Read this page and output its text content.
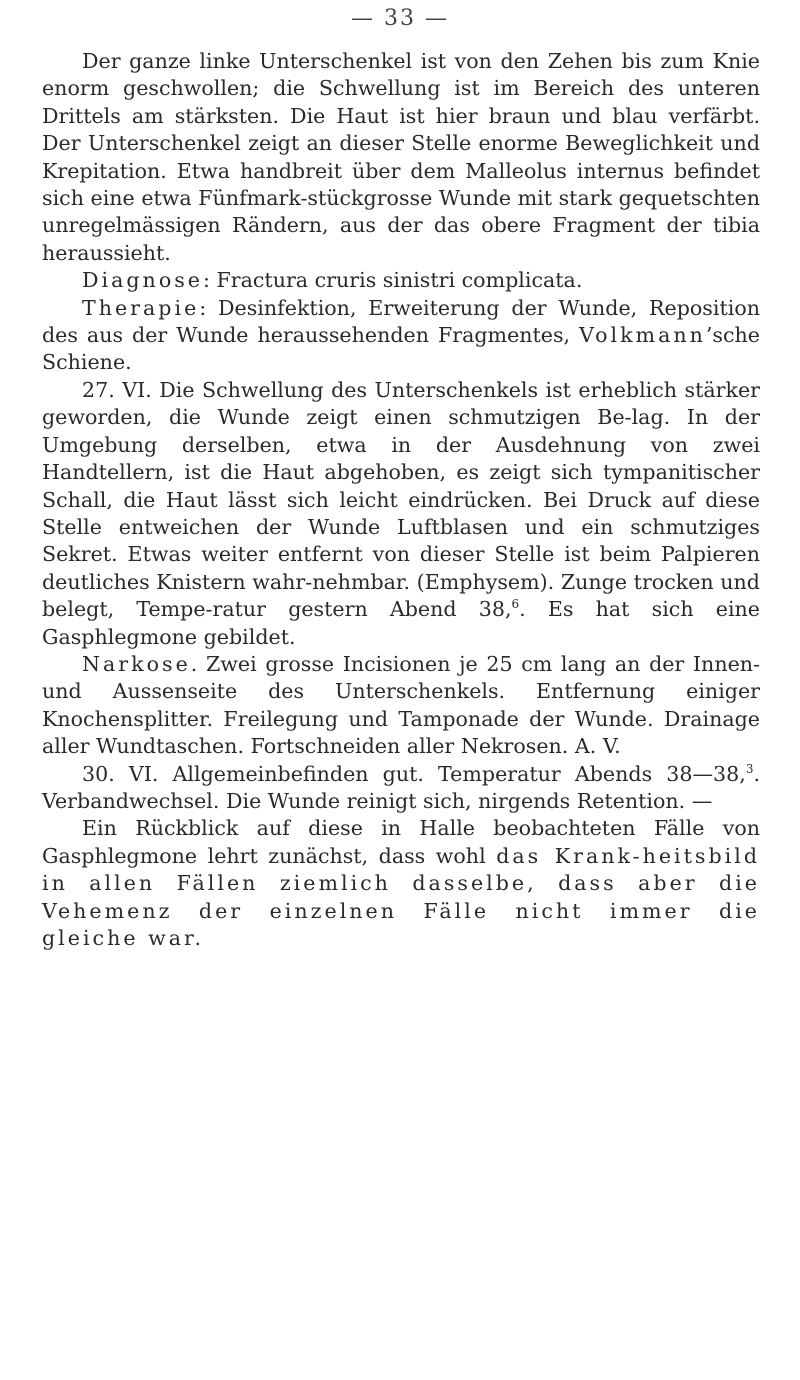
— 33 —

Der ganze linke Unterschenkel ist von den Zehen bis zum Knie enorm geschwollen; die Schwellung ist im Bereich des unteren Drittels am stärksten. Die Haut ist hier braun und blau verfärbt. Der Unterschenkel zeigt an dieser Stelle enorme Beweglichkeit und Krepitation. Etwa handbreit über dem Malleolus internus befindet sich eine etwa Fünfmark-stückgrosse Wunde mit stark gequetschten unregelmässigen Rändern, aus der das obere Fragment der tibia heraussieht.

Diagnose: Fractura cruris sinistri complicata.

Therapie: Desinfektion, Erweiterung der Wunde, Reposition des aus der Wunde heraussehenden Fragmentes, Volkmann’sche Schiene.

27. VI. Die Schwellung des Unterschenkels ist erheblich stärker geworden, die Wunde zeigt einen schmutzigen Be-lag. In der Umgebung derselben, etwa in der Ausdehnung von zwei Handtellern, ist die Haut abgehoben, es zeigt sich tympanitischer Schall, die Haut lässt sich leicht eindrücken. Bei Druck auf diese Stelle entweichen der Wunde Luftblasen und ein schmutziges Sekret. Etwas weiter entfernt von dieser Stelle ist beim Palpieren deutliches Knistern wahr-nehmbar. (Emphysem). Zunge trocken und belegt, Tempe-ratur gestern Abend 38,$^6$. Es hat sich eine Gasphlegmone gebildet.

Narkose. Zwei grosse Incisionen je 25 cm lang an der Innen- und Aussenseite des Unterschenkels. Entfernung einiger Knochensplitter. Freilegung und Tamponade der Wunde. Drainage aller Wundtaschen. Fortschneiden aller Nekrosen. A. V.

30. VI. Allgemeinbefinden gut. Temperatur Abends 38—38,$^3$. Verbandwechsel. Die Wunde reinigt sich, nirgends Retention. —

Ein Rückblick auf diese in Halle beobachteten Fälle von Gasphlegmone lehrt zunächst, dass wohl das Krank-heitsbild in allen Fällen ziemlich dasselbe, dass aber die Vehemenz der einzelnen Fälle nicht immer die gleiche war.
